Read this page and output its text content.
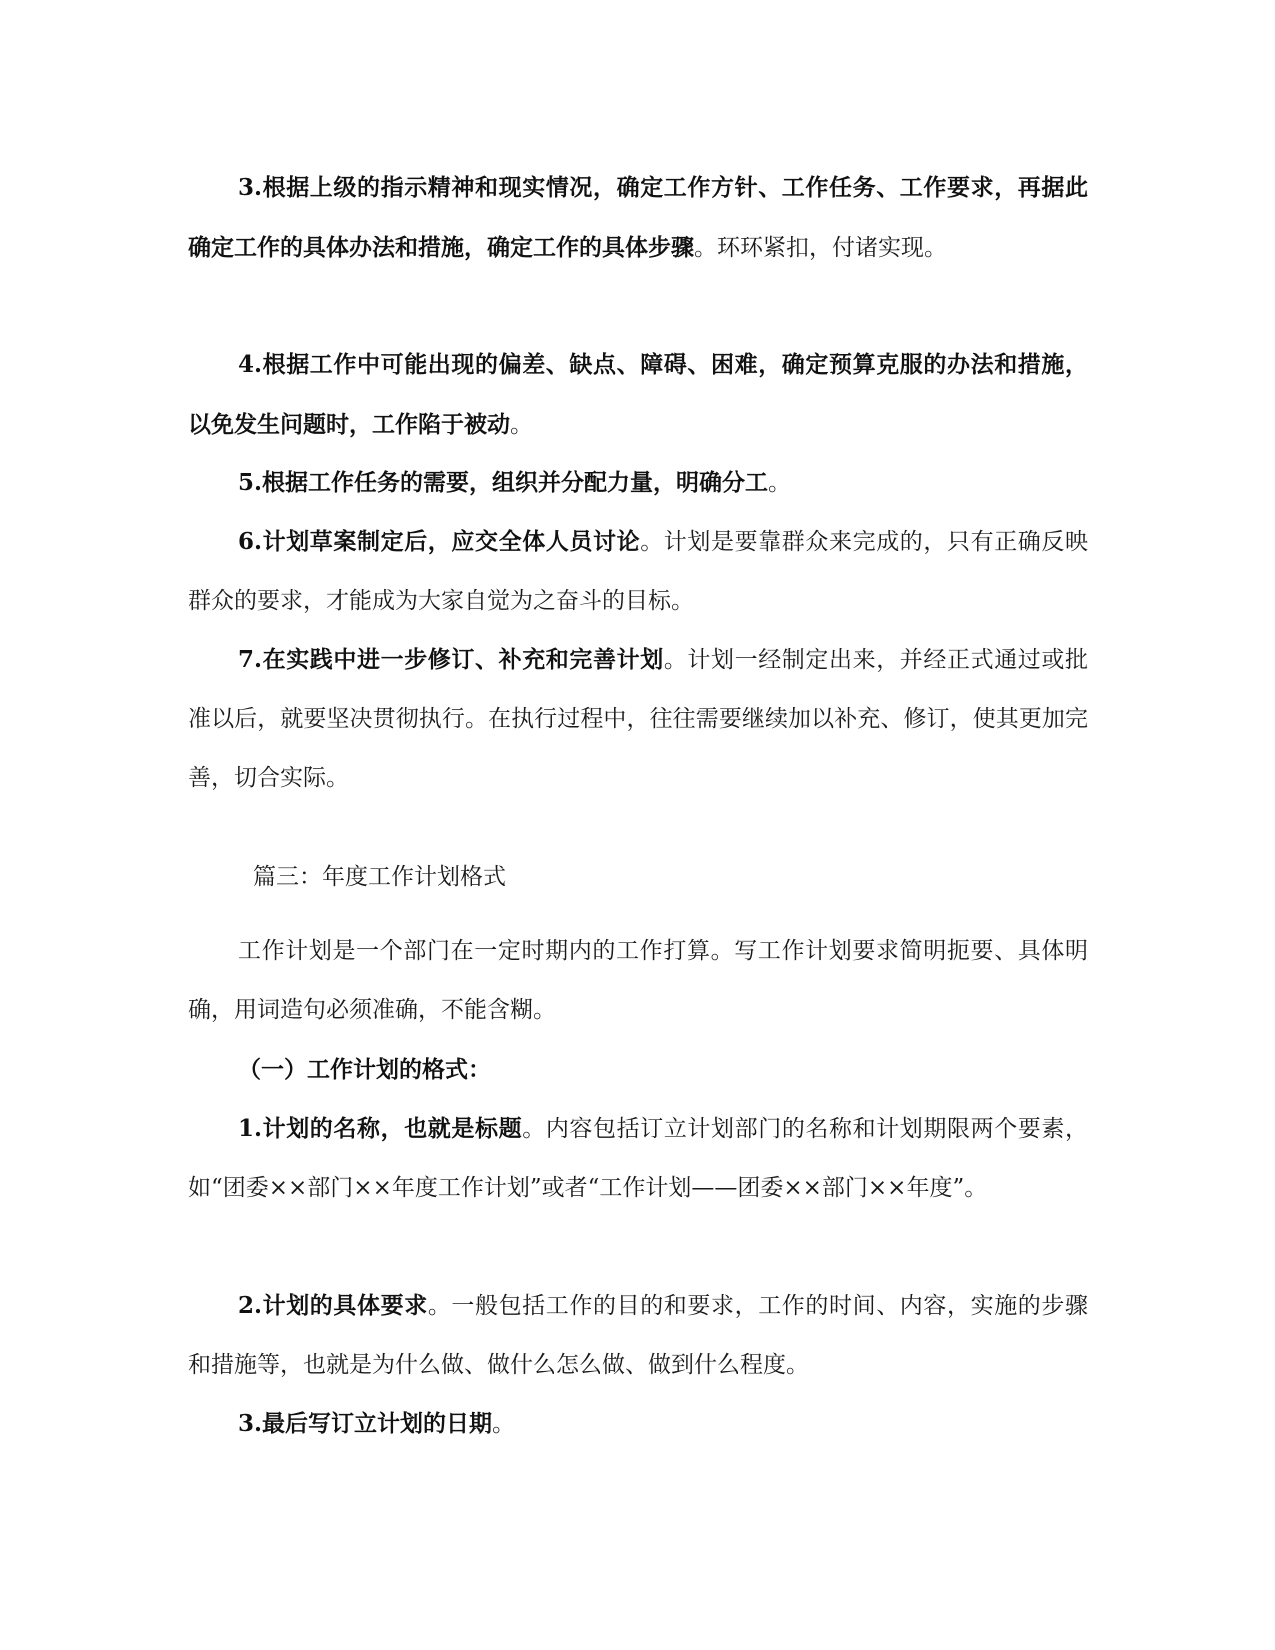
3.根据上级的指示精神和现实情况，确定工作方针、工作任务、工作要求，再据此确定工作的具体办法和措施，确定工作的具体步骤。环环紧扣，付诸实现。

4.根据工作中可能出现的偏差、缺点、障碍、困难，确定预算克服的办法和措施，以免发生问题时，工作陷于被动。

5.根据工作任务的需要，组织并分配力量，明确分工。

6.计划草案制定后，应交全体人员讨论。计划是要靠群众来完成的，只有正确反映群众的要求，才能成为大家自觉为之奋斗的目标。

7.在实践中进一步修订、补充和完善计划。计划一经制定出来，并经正式通过或批准以后，就要坚决贯彻执行。在执行过程中，往往需要继续加以补充、修订，使其更加完善，切合实际。

篇三：年度工作计划格式

工作计划是一个部门在一定时期内的工作打算。写工作计划要求简明扼要、具体明确，用词造句必须准确，不能含糊。

（一）工作计划的格式：

1.计划的名称，也就是标题。内容包括订立计划部门的名称和计划期限两个要素，如“团委××部门××年度工作计划”或者“工作计划——团委××部门××年度”。

2.计划的具体要求。一般包括工作的目的和要求，工作的时间、内容，实施的步骤和措施等，也就是为什么做、做什么怎么做、做到什么程度。

3.最后写订立计划的日期。
